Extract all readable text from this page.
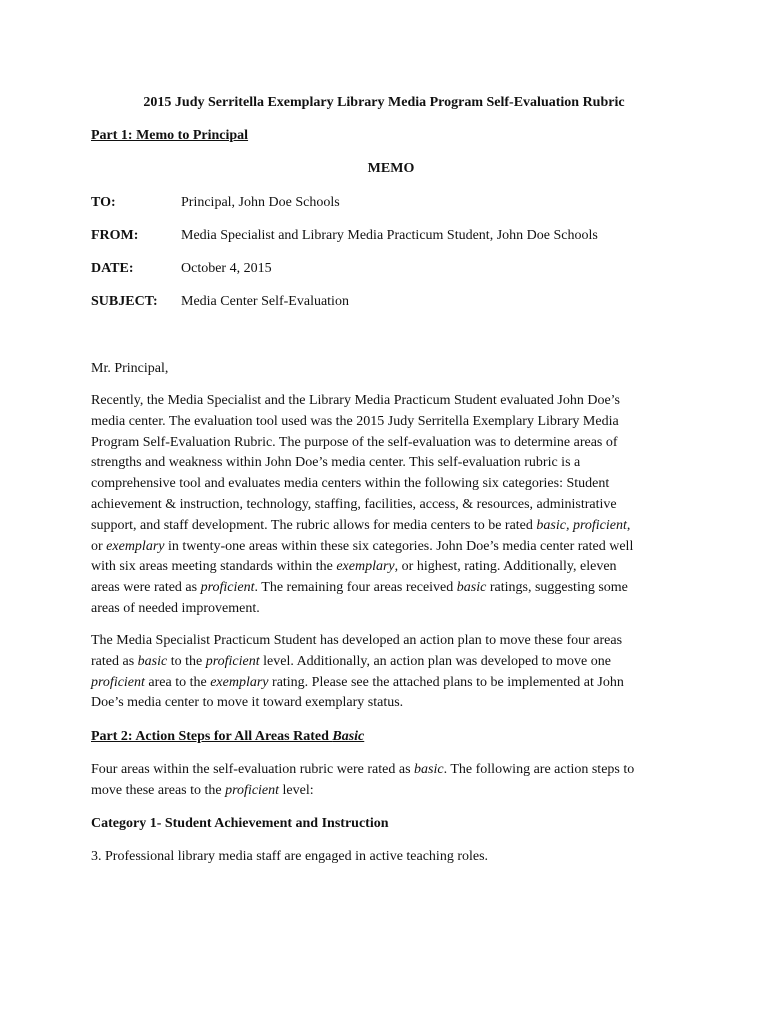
2015 Judy Serritella Exemplary Library Media Program Self-Evaluation Rubric
Part 1: Memo to Principal
MEMO
TO:	Principal, John Doe Schools
FROM:	Media Specialist and Library Media Practicum Student, John Doe Schools
DATE:	October 4, 2015
SUBJECT: Media Center Self-Evaluation
Mr. Principal,
Recently, the Media Specialist and the Library Media Practicum Student evaluated John Doe’s
media center. The evaluation tool used was the 2015 Judy Serritella Exemplary Library Media
Program Self-Evaluation Rubric. The purpose of the self-evaluation was to determine areas of
strengths and weakness within John Doe’s media center. This self-evaluation rubric is a
comprehensive tool and evaluates media centers within the following six categories: Student
achievement & instruction, technology, staffing, facilities, access, & resources, administrative
support, and staff development. The rubric allows for media centers to be rated basic, proficient,
or exemplary in twenty-one areas within these six categories. John Doe’s media center rated well
with six areas meeting standards within the exemplary, or highest, rating. Additionally, eleven
areas were rated as proficient. The remaining four areas received basic ratings, suggesting some
areas of needed improvement.
The Media Specialist Practicum Student has developed an action plan to move these four areas
rated as basic to the proficient level. Additionally, an action plan was developed to move one
proficient area to the exemplary rating. Please see the attached plans to be implemented at John
Doe’s media center to move it toward exemplary status.
Part 2: Action Steps for All Areas Rated Basic
Four areas within the self-evaluation rubric were rated as basic. The following are action steps to
move these areas to the proficient level:
Category 1- Student Achievement and Instruction
3. Professional library media staff are engaged in active teaching roles.
